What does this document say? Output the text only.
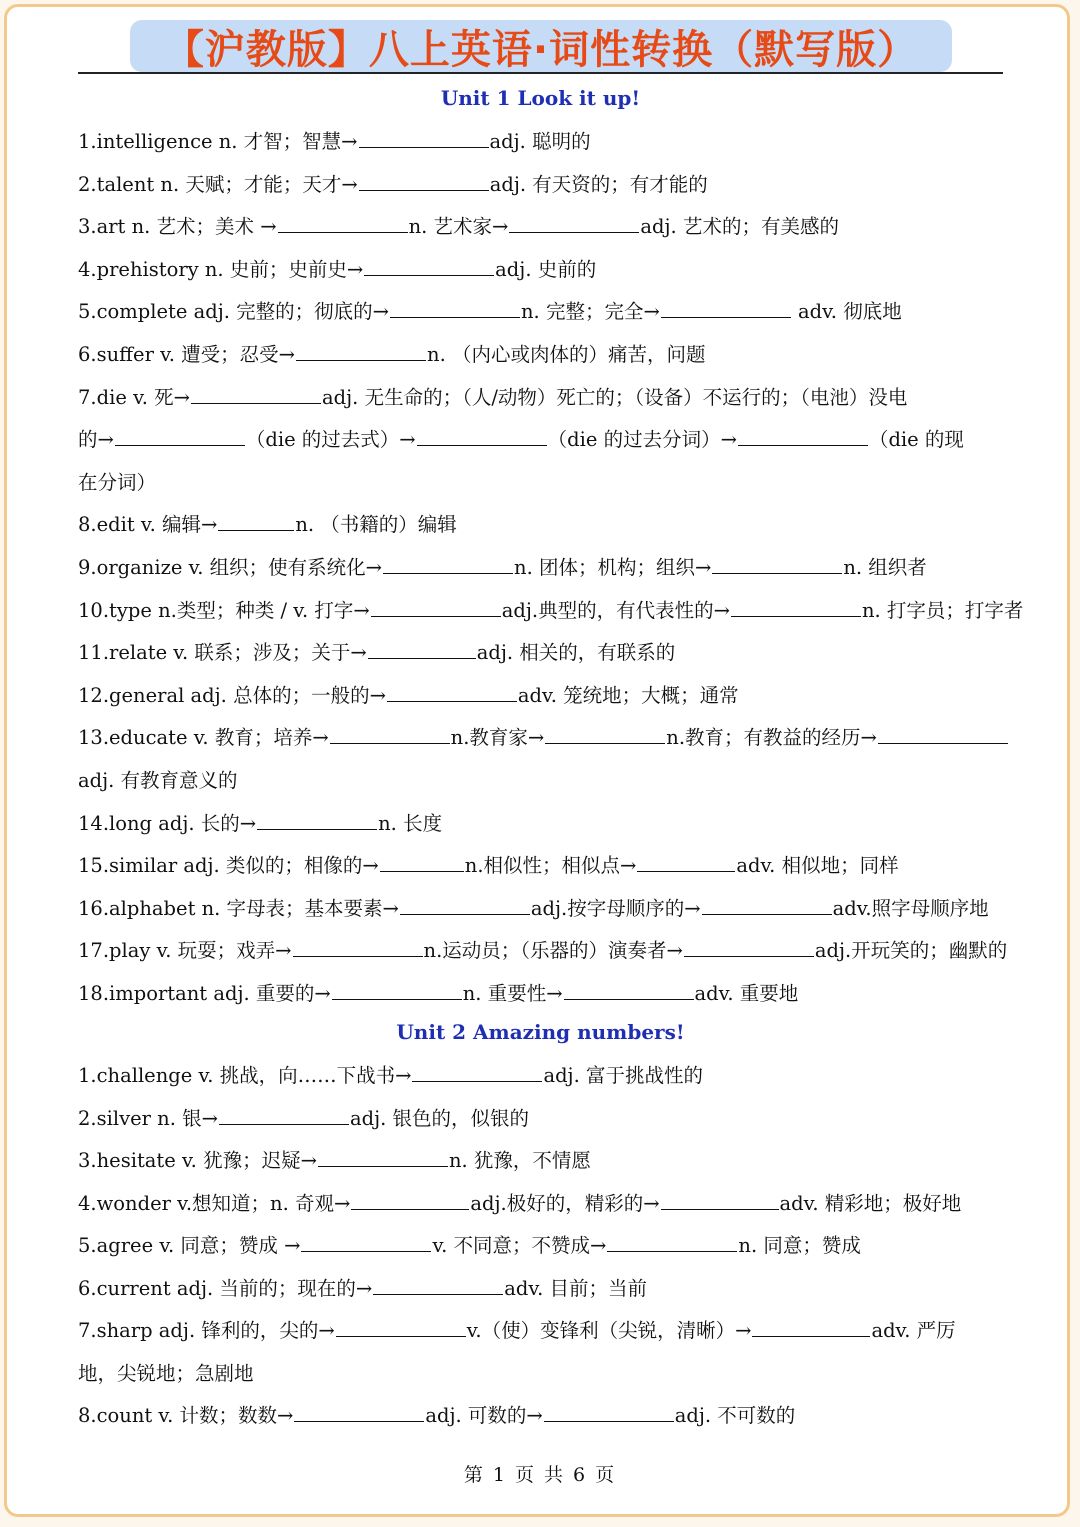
【沪教版】八上英语·词性转换（默写版）
Unit 1 Look it up!
1.intelligence n. 才智；智慧→	adj. 聪明的
2.talent n. 天赋；才能；天才→	adj. 有天资的；有才能的
3.art n. 艺术；美术 →	n. 艺术家→	adj. 艺术的；有美感的
4.prehistory n. 史前；史前史→	adj. 史前的
5.complete adj. 完整的；彻底的→	n. 完整；完全→	adv. 彻底地
6.suffer v. 遭受；忍受→	n. （内心或肉体的）痛苦，问题
7.die v. 死→	adj. 无生命的；（人/动物）死亡的；（设备）不运行的；（电池）没电
的→	（die 的过去式）→	（die 的过去分词）→	（die 的现
在分词）
8.edit v. 编辑→	n. （书籍的）编辑
9.organize v. 组织；使有系统化→	n. 团体；机构；组织→	n. 组织者
10.type n.类型；种类 / v. 打字→	adj.典型的，有代表性的→	n. 打字员；打字者
11.relate v. 联系；涉及；关于→	adj. 相关的，有联系的
12.general adj. 总体的；一般的→	adv. 笼统地；大概；通常
13.educate v. 教育；培养→	n.教育家→	n.教育；有教益的经历→
adj. 有教育意义的
14.long adj. 长的→	n. 长度
15.similar adj. 类似的；相像的→	n.相似性；相似点→	adv. 相似地；同样
16.alphabet n. 字母表；基本要素→	adj.按字母顺序的→	adv.照字母顺序地
17.play v. 玩耍；戏弄→	n.运动员；（乐器的）演奏者→	adj.开玩笑的；幽默的
18.important adj. 重要的→	n. 重要性→	adv. 重要地
Unit 2 Amazing numbers!
1.challenge v. 挑战，向……下战书→	adj. 富于挑战性的
2.silver n. 银→	adj. 银色的，似银的
3.hesitate v. 犹豫；迟疑→	n. 犹豫，不情愿
4.wonder v.想知道；n. 奇观→	adj.极好的，精彩的→	adv. 精彩地；极好地
5.agree v. 同意；赞成 →	v. 不同意；不赞成→	n. 同意；赞成
6.current adj. 当前的；现在的→	adv. 目前；当前
7.sharp adj. 锋利的，尖的→	v.（使）变锋利（尖锐，清晰）→	adv. 严厉
地，尖锐地；急剧地
8.count v. 计数；数数→	adj. 可数的→	adj. 不可数的
第 1 页 共 6 页
